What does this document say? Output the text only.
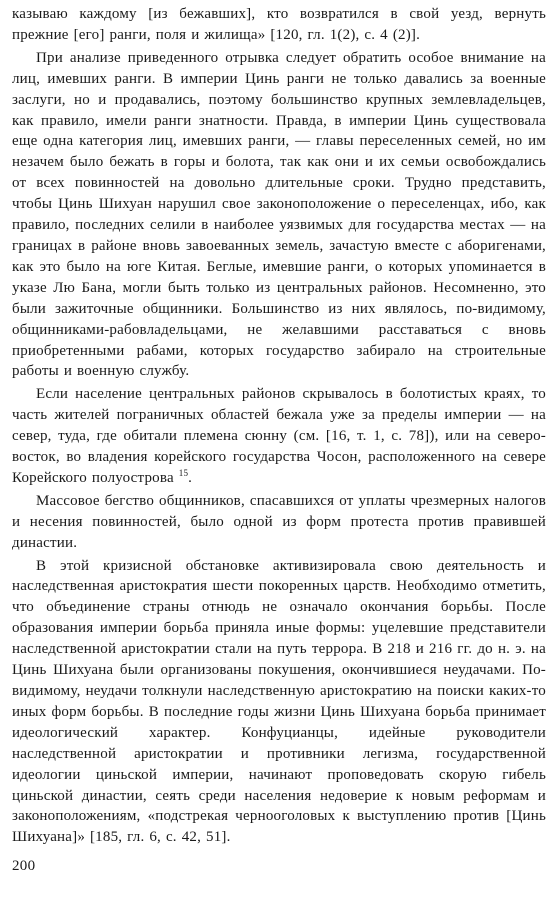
казываю каждому [из бежавших], кто возвратился в свой уезд, вернуть прежние [его] ранги, поля и жилища» [120, гл. 1(2), с. 4 (2)].

При анализе приведенного отрывка следует обратить особое внимание на лиц, имевших ранги. В империи Цинь ранги не только давались за военные заслуги, но и продавались, поэтому большинство крупных землевладельцев, как правило, имели ранги знатности. Правда, в империи Цинь существовала еще одна категория лиц, имевших ранги, — главы переселенных семей, но им незачем было бежать в горы и болота, так как они и их семьи освобождались от всех повинностей на довольно длительные сроки. Трудно представить, чтобы Цинь Шихуан нарушил свое законоположение о переселенцах, ибо, как правило, последних селили в наиболее уязвимых для государства местах — на границах в районе вновь завоеванных земель, зачастую вместе с аборигенами, как это было на юге Китая. Беглые, имевшие ранги, о которых упоминается в указе Лю Бана, могли быть только из центральных районов. Несомненно, это были зажиточные общинники. Большинство из них являлось, по-видимому, общинниками-рабовладельцами, не желавшими расставаться с вновь приобретенными рабами, которых государство забирало на строительные работы и военную службу.

Если население центральных районов скрывалось в болотистых краях, то часть жителей пограничных областей бежала уже за пределы империи — на север, туда, где обитали племена сюнну (см. [16, т. 1, с. 78]), или на северо-восток, во владения корейского государства Чосон, расположенного на севере Корейского полуострова $^{15}$.

Массовое бегство общинников, спасавшихся от уплаты чрезмерных налогов и несения повинностей, было одной из форм протеста против правившей династии.

В этой кризисной обстановке активизировала свою деятельность и наследственная аристократия шести покоренных царств. Необходимо отметить, что объединение страны отнюдь не означало окончания борьбы. После образования империи борьба приняла иные формы: уцелевшие представители наследственной аристократии стали на путь террора. В 218 и 216 гг. до н. э. на Цинь Шихуана были организованы покушения, окончившиеся неудачами. По-видимому, неудачи толкнули наследственную аристократию на поиски каких-то иных форм борьбы. В последние годы жизни Цинь Шихуана борьба принимает идеологический характер. Конфуцианцы, идейные руководители наследственной аристократии и противники легизма, государственной идеологии циньской империи, начинают проповедовать скорую гибель циньской династии, сеять среди населения недоверие к новым реформам и законоположениям, «подстрекая чернооголовых к выступлению против [Цинь Шихуана]» [185, гл. 6, с. 42, 51].

200
